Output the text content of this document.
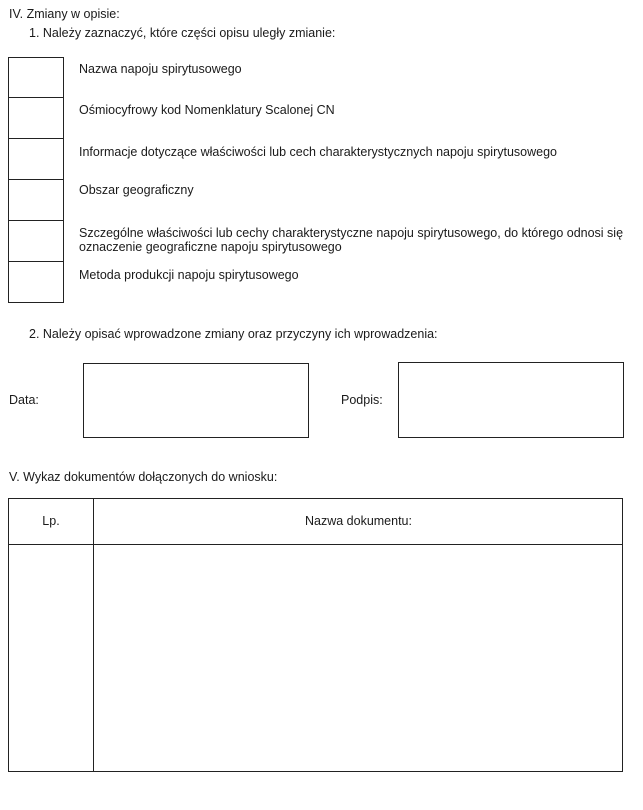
IV. Zmiany w opisie:
1. Należy zaznaczyć, które części opisu uległy zmianie:
Nazwa napoju spirytusowego
Ośmiocyfrowy kod Nomenklatury Scalonej CN
Informacje dotyczące właściwości lub cech charakterystycznych napoju spirytusowego
Obszar geograficzny
Szczególne właściwości lub cechy charakterystyczne napoju spirytusowego, do którego odnosi się oznaczenie geograficzne napoju spirytusowego
Metoda produkcji napoju spirytusowego
2. Należy opisać wprowadzone zmiany oraz przyczyny ich wprowadzenia:
Data:	Podpis:
V. Wykaz dokumentów dołączonych do wniosku:
Lp.	Nazwa dokumentu:
